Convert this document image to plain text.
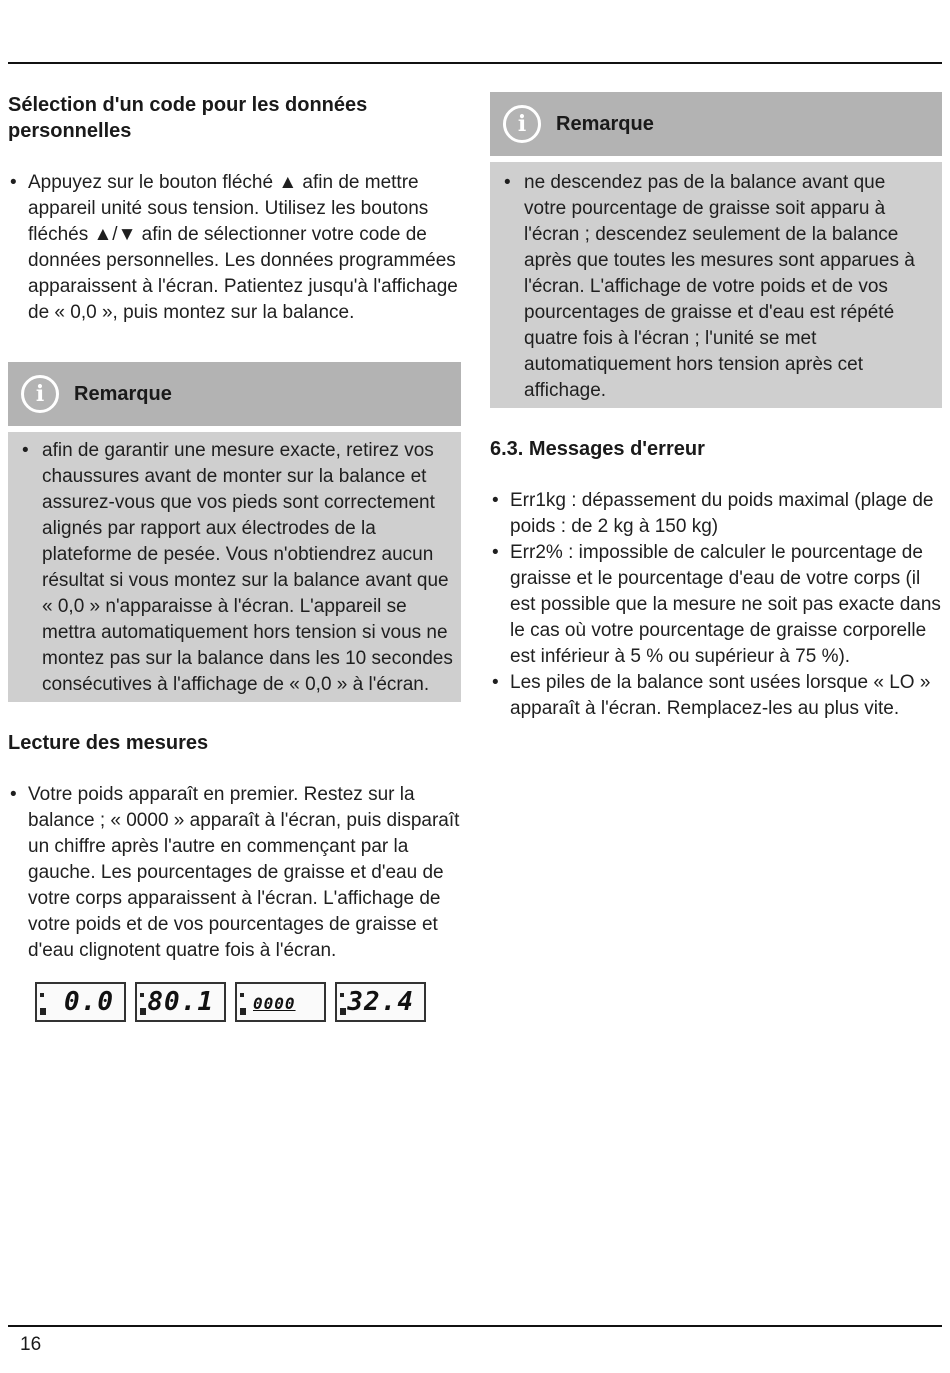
Sélection d'un code pour les données personnelles
• Appuyez sur le bouton fléché ▲ afin de mettre appareil unité sous tension. Utilisez les boutons fléchés ▲/▼ afin de sélectionner votre code de données personnelles. Les données programmées apparaissent à l'écran. Patientez jusqu'à l'affichage de « 0,0 », puis montez sur la balance.
i	Remarque
• afin de garantir une mesure exacte, retirez vos chaussures avant de monter sur la balance et assurez-vous que vos pieds sont correctement alignés par rapport aux électrodes de la plateforme de pesée. Vous n'obtiendrez aucun résultat si vous montez sur la balance avant que « 0,0 » n'apparaisse à l'écran. L'appareil se mettra automatiquement hors tension si vous ne montez pas sur la balance dans les 10 secondes consécutives à l'affichage de « 0,0 » à l'écran.
Lecture des mesures
• Votre poids apparaît en premier. Restez sur la balance ; « 0000 » apparaît à l'écran, puis disparaît un chiffre après l'autre en commençant par la gauche. Les pourcentages de graisse et d'eau de votre corps apparaissent à l'écran. L'affichage de votre poids et de vos pourcentages de graisse et d'eau clignotent quatre fois à l'écran.
0.0 80.1 0000 32.4
i	Remarque
• ne descendez pas de la balance avant que votre pourcentage de graisse soit apparu à l'écran ; descendez seulement de la balance après que toutes les mesures sont apparues à l'écran. L'affichage de votre poids et de vos pourcentages de graisse et d'eau est répété quatre fois à l'écran ; l'unité se met automatiquement hors tension après cet affichage.
6.3. Messages d'erreur
• Err1kg : dépassement du poids maximal (plage de poids : de 2 kg à 150 kg)
• Err2% : impossible de calculer le pourcentage de graisse et le pourcentage d'eau de votre corps (il est possible que la mesure ne soit pas exacte dans le cas où votre pourcentage de graisse corporelle est inférieur à 5 % ou supérieur à 75 %).
• Les piles de la balance sont usées lorsque « LO » apparaît à l'écran. Remplacez-les au plus vite.
16
